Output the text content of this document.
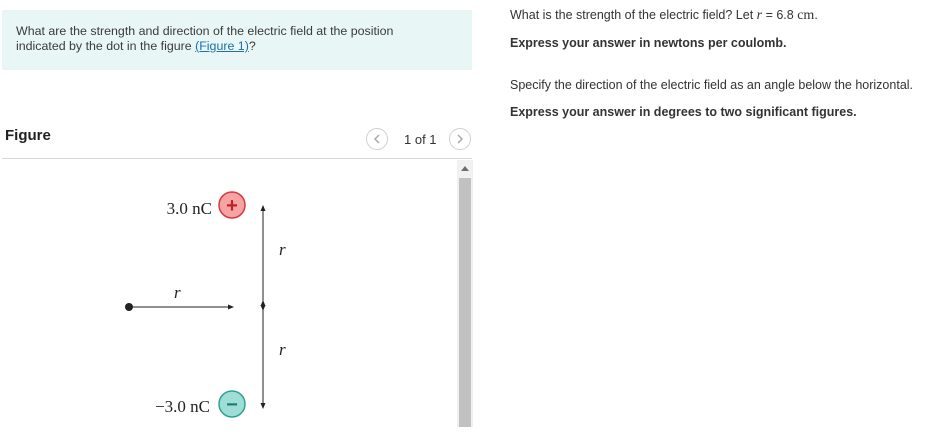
What are the strength and direction of the electric field at the position
indicated by the dot in the figure (Figure 1)?
Figure	1 of 1
3.0 nC +
−3.0 nC −
r
r
r
What is the strength of the electric field? Let r = 6.8 cm.
Express your answer in newtons per coulomb.
Specify the direction of the electric field as an angle below the horizontal.
Express your answer in degrees to two significant figures.
